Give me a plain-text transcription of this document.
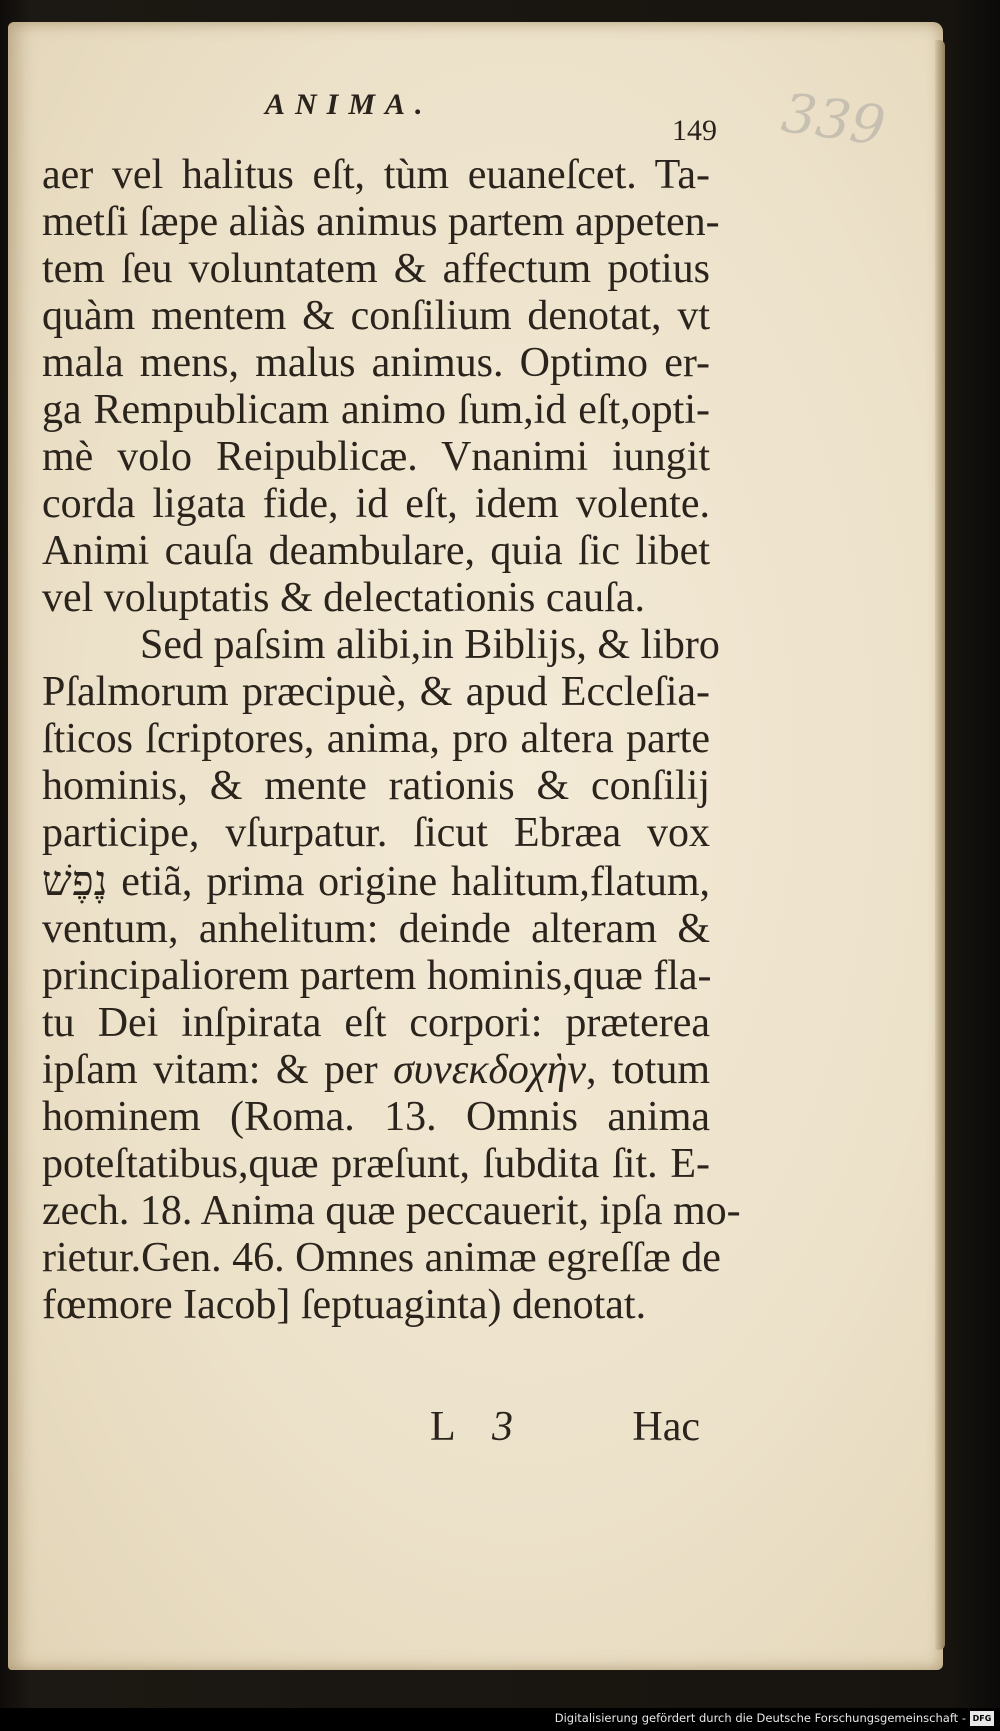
ANIMA.
149 339
aer vel halitus eſt, tùm euaneſcet. Ta-
metſi ſæpe aliàs animus partem appeten-
tem ſeu voluntatem & affectum potius
quàm mentem & conſilium denotat, vt
mala mens, malus animus. Optimo er-
ga Rempublicam animo ſum,id eſt,opti-
mè volo Reipublicæ. Vnanimi iungit
corda ligata fide, id eſt, idem volente.
Animi cauſa deambulare, quia ſic libet
vel voluptatis & delectationis cauſa.
Sed paſsim alibi,in Biblijs, & libro
Pſalmorum præcipuè, & apud Eccleſia-
ſticos ſcriptores, anima, pro altera parte
hominis, & mente rationis & conſilij
participe, vſurpatur. ſicut Ebræa vox
נֶפֶשׁ etiã, prima origine halitum,flatum,
ventum, anhelitum: deinde alteram &
principaliorem partem hominis,quæ fla-
tu Dei inſpirata eſt corpori: præterea
ipſam vitam: & per συνεκδοχὴν, totum
hominem (Roma. 13. Omnis anima
poteſtatibus,quæ præſunt, ſubdita ſit. E-
zech. 18. Anima quæ peccauerit, ipſa mo-
rietur.Gen. 46. Omnes animæ egreſſæ de
fœmore Iacob] ſeptuaginta) denotat.
L 3	Hac
Digitalisierung gefördert durch die Deutsche Forschungsgemeinschaft - DFG
